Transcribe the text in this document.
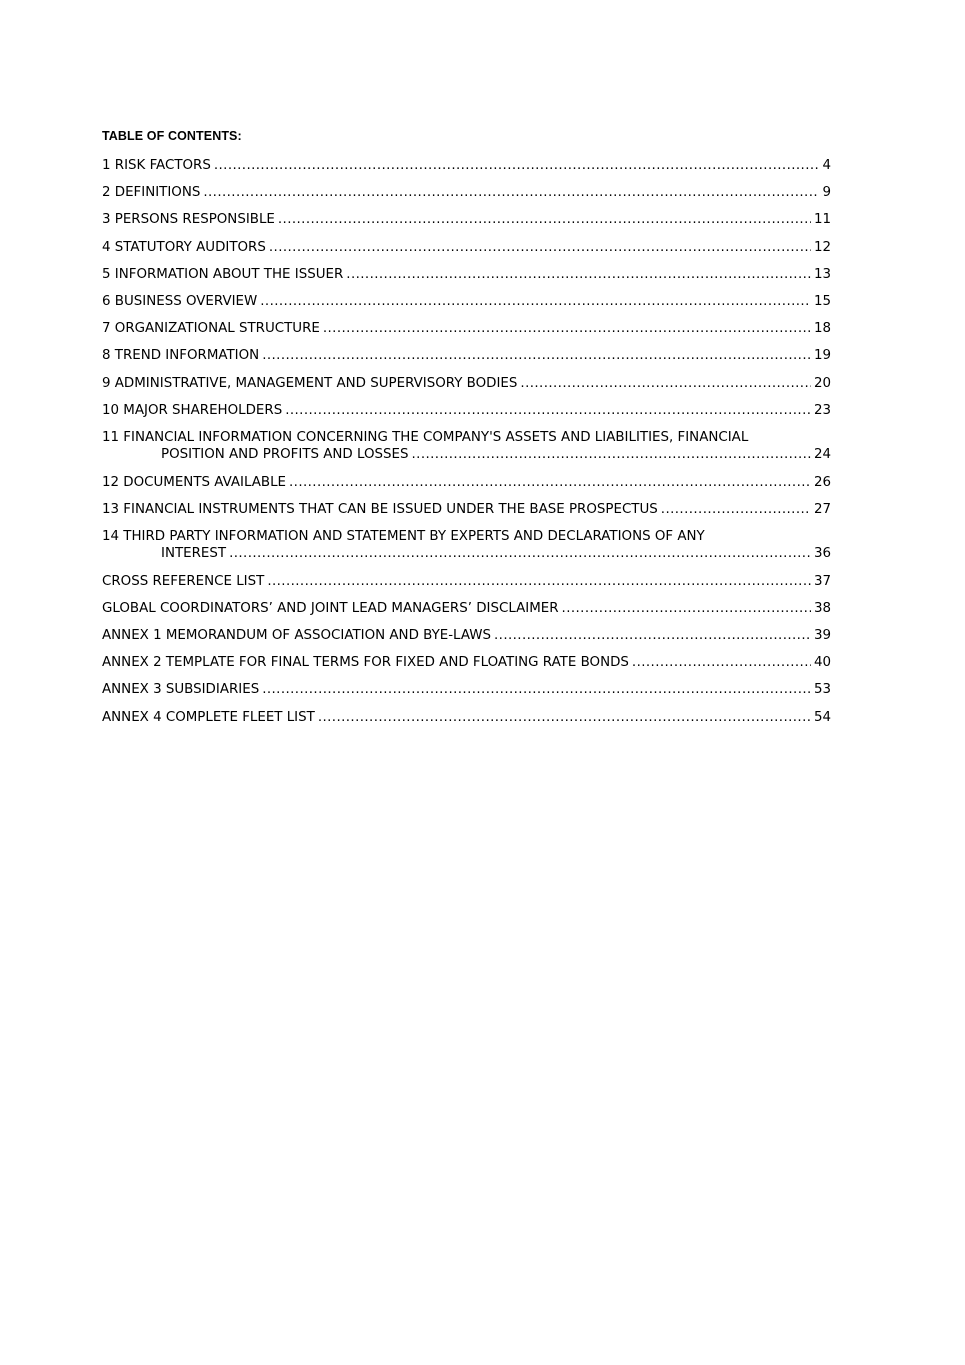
TABLE OF CONTENTS:
1 RISK FACTORS .....	4
2 DEFINITIONS .....	9
3 PERSONS RESPONSIBLE .....	11
4 STATUTORY AUDITORS .....	12
5 INFORMATION ABOUT THE ISSUER .....	13
6 BUSINESS OVERVIEW .....	15
7 ORGANIZATIONAL STRUCTURE .....	18
8 TREND INFORMATION .....	19
9 ADMINISTRATIVE, MANAGEMENT AND SUPERVISORY BODIES .....	20
10 MAJOR SHAREHOLDERS .....	23
11 FINANCIAL INFORMATION CONCERNING THE COMPANY'S ASSETS AND LIABILITIES, FINANCIAL
POSITION AND PROFITS AND LOSSES .....	24
12 DOCUMENTS AVAILABLE .....	26
13 FINANCIAL INSTRUMENTS THAT CAN BE ISSUED UNDER THE BASE PROSPECTUS .....	27
14 THIRD PARTY INFORMATION AND STATEMENT BY EXPERTS AND DECLARATIONS OF ANY
INTEREST .....	36
CROSS REFERENCE LIST .....	37
GLOBAL COORDINATORS’ AND JOINT LEAD MANAGERS’ DISCLAIMER .....	38
ANNEX 1 MEMORANDUM OF ASSOCIATION AND BYE-LAWS .....	39
ANNEX 2 TEMPLATE FOR FINAL TERMS FOR FIXED AND FLOATING RATE BONDS .....	40
ANNEX 3 SUBSIDIARIES .....	53
ANNEX 4 COMPLETE FLEET LIST .....	54
